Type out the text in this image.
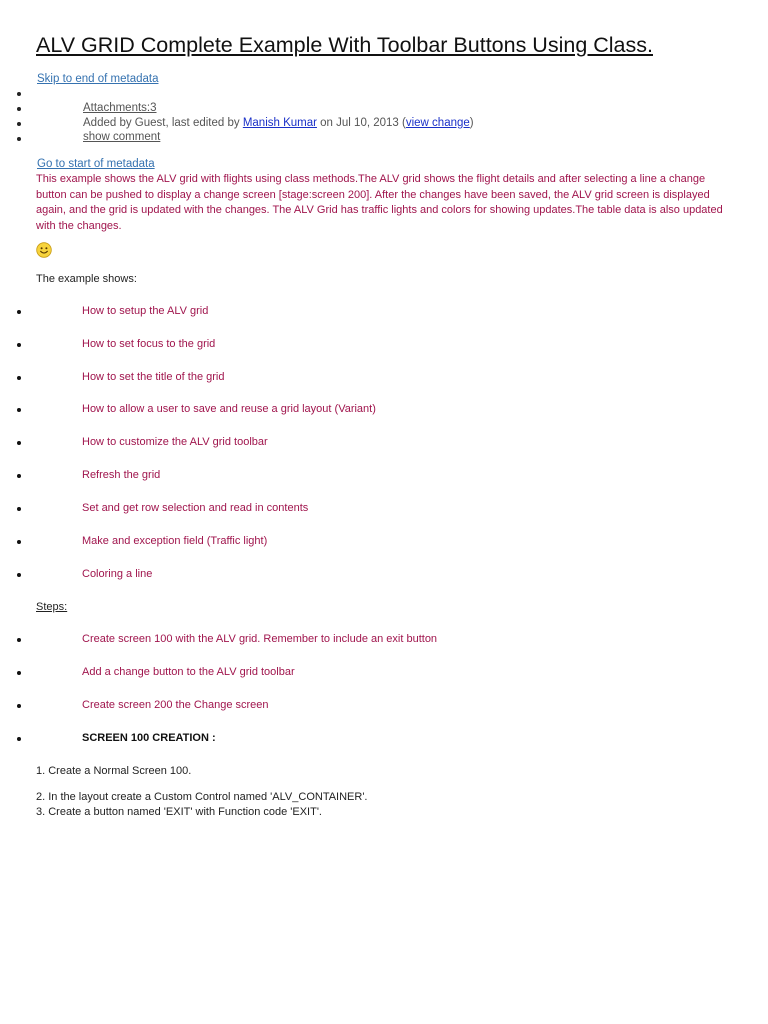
ALV GRID Complete Example With Toolbar Buttons Using Class.
Skip to end of metadata
Attachments:3
Added by Guest, last edited by Manish Kumar on Jul 10, 2013 (view change)
show comment
Go to start of metadata

This example shows the ALV grid with flights using class methods.The ALV grid shows the flight details and after selecting a line a change button can be pushed to display a change screen [stage:screen 200]. After the changes have been saved, the ALV grid screen is displayed again, and the grid is updated with the changes. The ALV Grid has traffic lights and colors for showing updates.The table data is also updated with the changes.

The example shows:
How to setup the ALV grid
How to set focus to the grid
How to set the title of the grid
How to allow a user to save and reuse a grid layout (Variant)
How to customize the ALV grid toolbar
Refresh the grid
Set and get row selection and read in contents
Make and exception field (Traffic light)
Coloring a line
Steps:
Create screen 100 with the ALV grid. Remember to include an exit button
Add a change button to the ALV grid toolbar
Create screen 200 the Change screen
SCREEN 100 CREATION :
1. Create a Normal Screen 100.
2. In the layout create a Custom Control named 'ALV_CONTAINER'.
3. Create a button named 'EXIT' with Function code 'EXIT'.
